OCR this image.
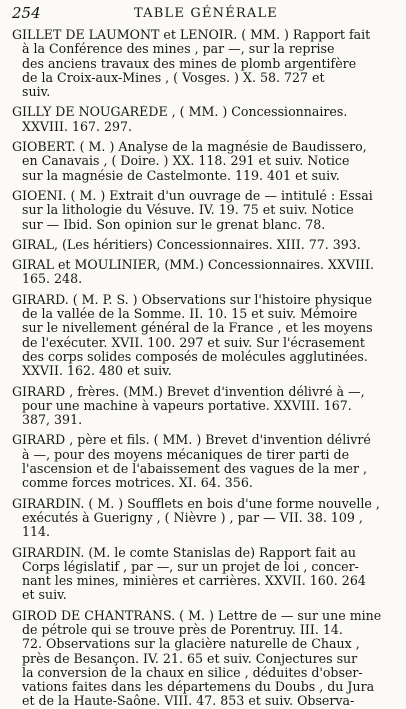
254	TABLE GÉNÉRALE
GILLET DE LAUMONT et LENOIR. ( MM. ) Rapport fait
à la Conférence des mines , par —, sur la reprise
des anciens travaux des mines de plomb argentifère
de la Croix-aux-Mines , ( Vosges. ) X. 58. 727 et
suiv.
GILLY DE NOUGARÈDE , ( MM. ) Concessionnaires.
XXVIII. 167. 297.
GIOBERT. ( M. ) Analyse de la magnésie de Baudissero,
en Canavais , ( Doire. ) XX. 118. 291 et suiv. Notice
sur la magnésie de Castelmonte. 119. 401 et suiv.
GIOENI. ( M. ) Extrait d'un ouvrage de — intitulé : Essai
sur la lithologie du Vésuve. IV. 19. 75 et suiv. Notice
sur — Ibid. Son opinion sur le grenat blanc. 78.
GIRAL, (Les héritiers) Concessionnaires. XIII. 77. 393.
GIRAL et MOULINIER, (MM.) Concessionnaires. XXVIII.
165. 248.
GIRARD. ( M. P. S. ) Observations sur l'histoire physique
de la vallée de la Somme. II. 10. 15 et suiv. Mémoire
sur le nivellement général de la France , et les moyens
de l'exécuter. XVII. 100. 297 et suiv. Sur l'écrasement
des corps solides composés de molécules agglutinées.
XXVII. 162. 480 et suiv.
GIRARD , frères. (MM.) Brevet d'invention délivré à —,
pour une machine à vapeurs portative. XXVIII. 167.
387, 391.
GIRARD , père et fils. ( MM. ) Brevet d'invention délivré
à —, pour des moyens mécaniques de tirer parti de
l'ascension et de l'abaissement des vagues de la mer ,
comme forces motrices. XI. 64. 356.
GIRARDIN. ( M. ) Soufflets en bois d'une forme nouvelle ,
exécutés à Guerigny , ( Nièvre ) , par — VII. 38. 109 ,
114.
GIRARDIN. (M. le comte Stanislas de) Rapport fait au
Corps législatif , par —, sur un projet de loi , concer-
nant les mines, minières et carrières. XXVII. 160. 264
et suiv.
GIROD DE CHANTRANS. ( M. ) Lettre de — sur une mine
de pétrole qui se trouve près de Porentruy. III. 14.
72. Observations sur la glacière naturelle de Chaux ,
près de Besançon. IV. 21. 65 et suiv. Conjectures sur
la conversion de la chaux en silice , déduites d'obser-
vations faites dans les départemens du Doubs , du Jura
et de la Haute-Saône. VIII. 47. 853 et suiv. Observa-
